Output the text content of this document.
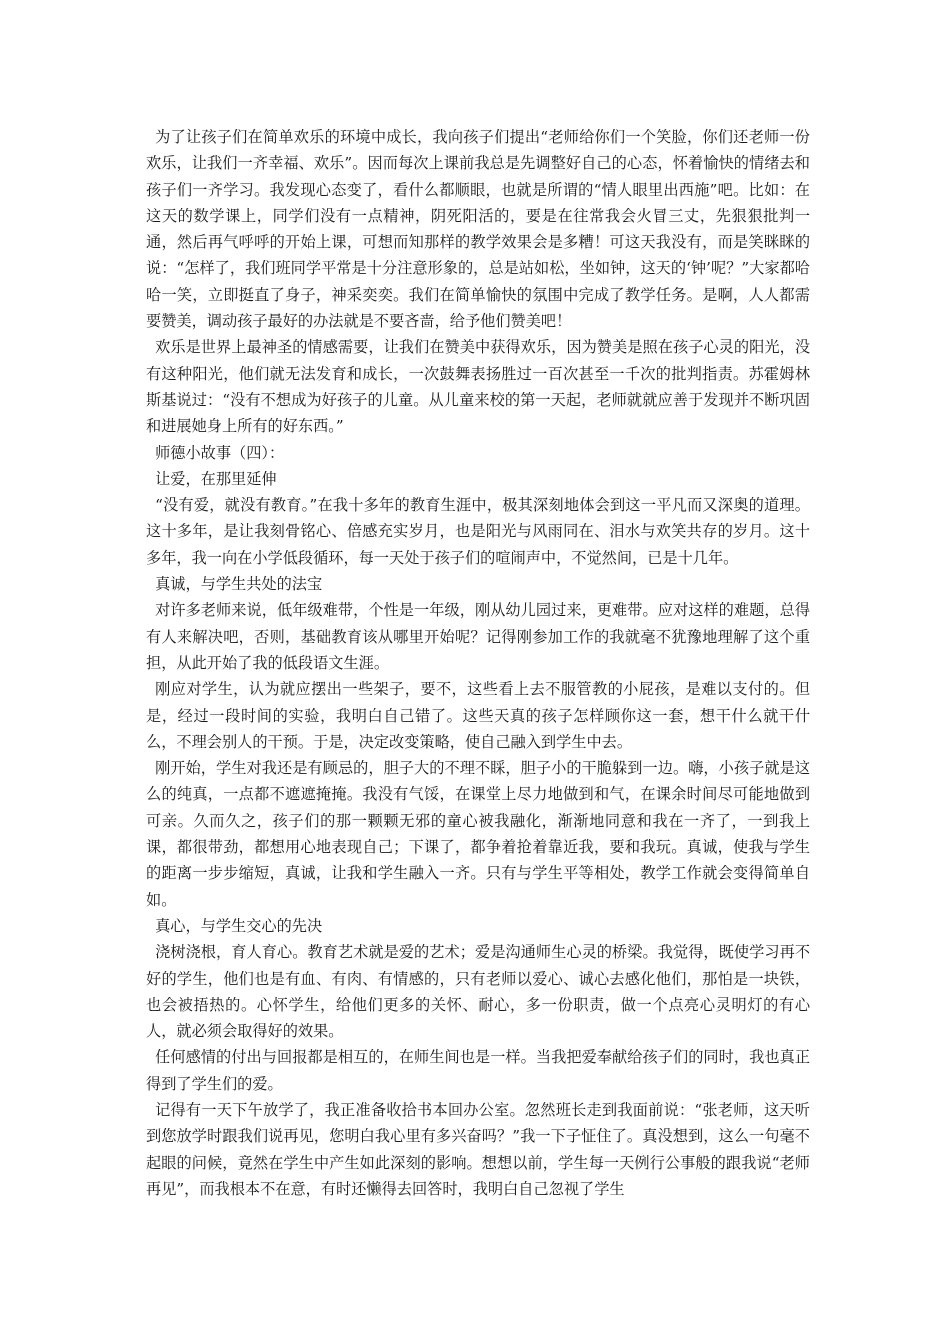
为了让孩子们在简单欢乐的环境中成长，我向孩子们提出“老师给你们一个笑脸，你们还老师一份欢乐，让我们一齐幸福、欢乐”。因而每次上课前我总是先调整好自己的心态，怀着愉快的情绪去和孩子们一齐学习。我发现心态变了，看什么都顺眼，也就是所谓的“情人眼里出西施”吧。比如：在这天的数学课上，同学们没有一点精神，阴死阳活的，要是在往常我会火冒三丈，先狠狠批判一通，然后再气呼呼的开始上课，可想而知那样的教学效果会是多糟！可这天我没有，而是笑眯眯的说：“怎样了，我们班同学平常是十分注意形象的，总是站如松，坐如钟，这天的‘钟’呢？”大家都哈哈一笑，立即挺直了身子，神采奕奕。我们在简单愉快的氛围中完成了教学任务。是啊，人人都需要赞美，调动孩子最好的办法就是不要吝啬，给予他们赞美吧！

欢乐是世界上最神圣的情感需要，让我们在赞美中获得欢乐，因为赞美是照在孩子心灵的阳光，没有这种阳光，他们就无法发育和成长，一次鼓舞表扬胜过一百次甚至一千次的批判指责。苏霍姆林斯基说过：“没有不想成为好孩子的儿童。从儿童来校的第一天起，老师就就应善于发现并不断巩固和进展她身上所有的好东西。”

师德小故事（四）：

让爱，在那里延伸

“没有爱，就没有教育。”在我十多年的教育生涯中，极其深刻地体会到这一平凡而又深奥的道理。这十多年，是让我刻骨铭心、倍感充实岁月，也是阳光与风雨同在、泪水与欢笑共存的岁月。这十多年，我一向在小学低段循环，每一天处于孩子们的喧闹声中，不觉然间，已是十几年。

真诚，与学生共处的法宝

对许多老师来说，低年级难带，个性是一年级，刚从幼儿园过来，更难带。应对这样的难题，总得有人来解决吧，否则，基础教育该从哪里开始呢？记得刚参加工作的我就毫不犹豫地理解了这个重担，从此开始了我的低段语文生涯。

刚应对学生，认为就应摆出一些架子，要不，这些看上去不服管教的小屁孩，是难以支付的。但是，经过一段时间的实验，我明白自己错了。这些天真的孩子怎样顾你这一套，想干什么就干什么，不理会别人的干预。于是，决定改变策略，使自己融入到学生中去。

刚开始，学生对我还是有顾忌的，胆子大的不理不睬，胆子小的干脆躲到一边。嗨，小孩子就是这么的纯真，一点都不遮遮掩掩。我没有气馁，在课堂上尽力地做到和气，在课余时间尽可能地做到可亲。久而久之，孩子们的那一颗颗无邪的童心被我融化，渐渐地同意和我在一齐了，一到我上课，都很带劲，都想用心地表现自己；下课了，都争着抢着靠近我，要和我玩。真诚，使我与学生的距离一步步缩短，真诚，让我和学生融入一齐。只有与学生平等相处，教学工作就会变得简单自如。

真心，与学生交心的先决

浇树浇根，育人育心。教育艺术就是爱的艺术；爱是沟通师生心灵的桥梁。我觉得，既使学习再不好的学生，他们也是有血、有肉、有情感的，只有老师以爱心、诚心去感化他们，那怕是一块铁，也会被捂热的。心怀学生，给他们更多的关怀、耐心，多一份职责，做一个点亮心灵明灯的有心人，就必须会取得好的效果。

任何感情的付出与回报都是相互的，在师生间也是一样。当我把爱奉献给孩子们的同时，我也真正得到了学生们的爱。

记得有一天下午放学了，我正准备收拾书本回办公室。忽然班长走到我面前说：“张老师，这天听到您放学时跟我们说再见，您明白我心里有多兴奋吗？”我一下子怔住了。真没想到，这么一句毫不起眼的问候，竟然在学生中产生如此深刻的影响。想想以前，学生每一天例行公事般的跟我说“老师再见”，而我根本不在意，有时还懒得去回答时，我明白自己忽视了学生
